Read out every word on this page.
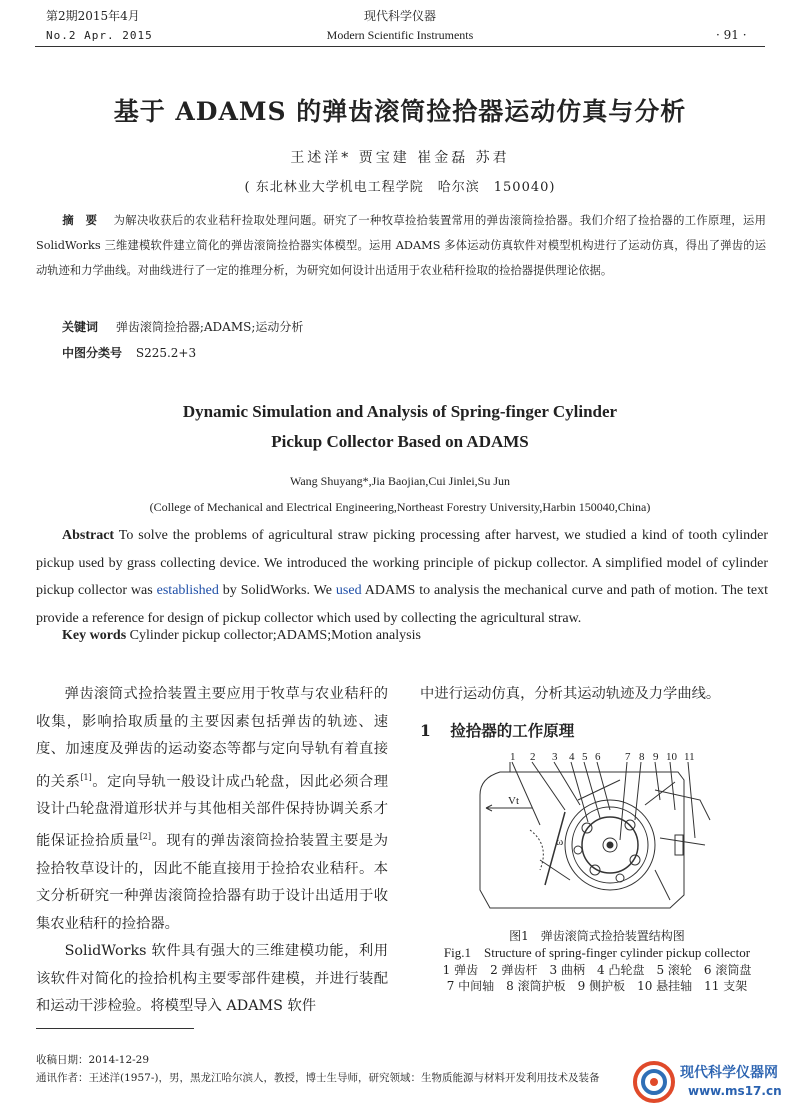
第2期2015年4月
No.2 Apr. 2015
现代科学仪器
Modern Scientific Instruments	· 91 ·
基于 ADAMS 的弹齿滚筒捡拾器运动仿真与分析
王述洋* 贾宝建 崔金磊 苏君
( 东北林业大学机电工程学院　哈尔滨　150040)
摘　要 为解决收获后的农业秸秆捡取处理问题。研究了一种牧草捡拾装置常用的弹齿滚筒捡拾器。我们介绍了捡拾器的工作原理，运用 SolidWorks 三维建模软件建立简化的弹齿滚筒捡拾器实体模型。运用 ADAMS 多体运动仿真软件对模型机构进行了运动仿真，得出了弹齿的运动轨迹和力学曲线。对曲线进行了一定的推理分析，为研究如何设计出适用于农业秸秆捡取的捡拾器提供理论依据。
关键词 弹齿滚筒捡拾器;ADAMS;运动分析
中图分类号 S225.2+3
Dynamic Simulation and Analysis of Spring-finger Cylinder
Pickup Collector Based on ADAMS
Wang Shuyang*,Jia Baojian,Cui Jinlei,Su Jun
(College of Mechanical and Electrical Engineering,Northeast Forestry University,Harbin 150040,China)
Abstract To solve the problems of agricultural straw picking processing after harvest, we studied a kind of tooth cylinder pickup used by grass collecting device. We introduced the working principle of pickup collector. A simplified model of cylinder pickup collector was established by SolidWorks. We used ADAMS to analysis the mechanical curve and path of motion. The text provide a reference for design of pickup collector which used by collecting the agricultural straw.
Key words Cylinder pickup collector;ADAMS;Motion analysis
弹齿滚筒式捡拾装置主要应用于牧草与农业秸秆的收集，影响拾取质量的主要因素包括弹齿的轨迹、速度、加速度及弹齿的运动姿态等都与定向导轨有着直接的关系[1]。定向导轨一般设计成凸轮盘，因此必须合理设计凸轮盘滑道形状并与其他相关部件保持协调关系才能保证捡拾质量[2]。现有的弹齿滚筒捡拾装置主要是为捡拾牧草设计的，因此不能直接用于捡拾农业秸秆。本文分析研究一种弹齿滚筒捡拾器有助于设计出适用于收集农业秸秆的捡拾器。
SolidWorks 软件具有强大的三维建模功能，利用该软件对简化的捡拾机构主要零部件建模，并进行装配和运动干涉检验。将模型导入 ADAMS 软件
中进行运动仿真，分析其运动轨迹及力学曲线。
1 捡拾器的工作原理
1 2 3 4 5 6 7 8 9 10 11
Vt
ω
图1　弹齿滚筒式捡拾装置结构图
Fig.1　Structure of spring-finger cylinder pickup collector
1 弹齿　2 弹齿杆　3 曲柄　4 凸轮盘　5 滚轮　6 滚筒盘
7 中间轴　8 滚筒护板　9 侧护板　10 悬挂轴　11 支架
收稿日期：2014-12-29
通讯作者：王述洋(1957-)，男，黑龙江哈尔滨人，教授，博士生导师，研究领域：生物质能源与材料开发利用技术及装备	现代科学仪器网
www.ms17.cn
